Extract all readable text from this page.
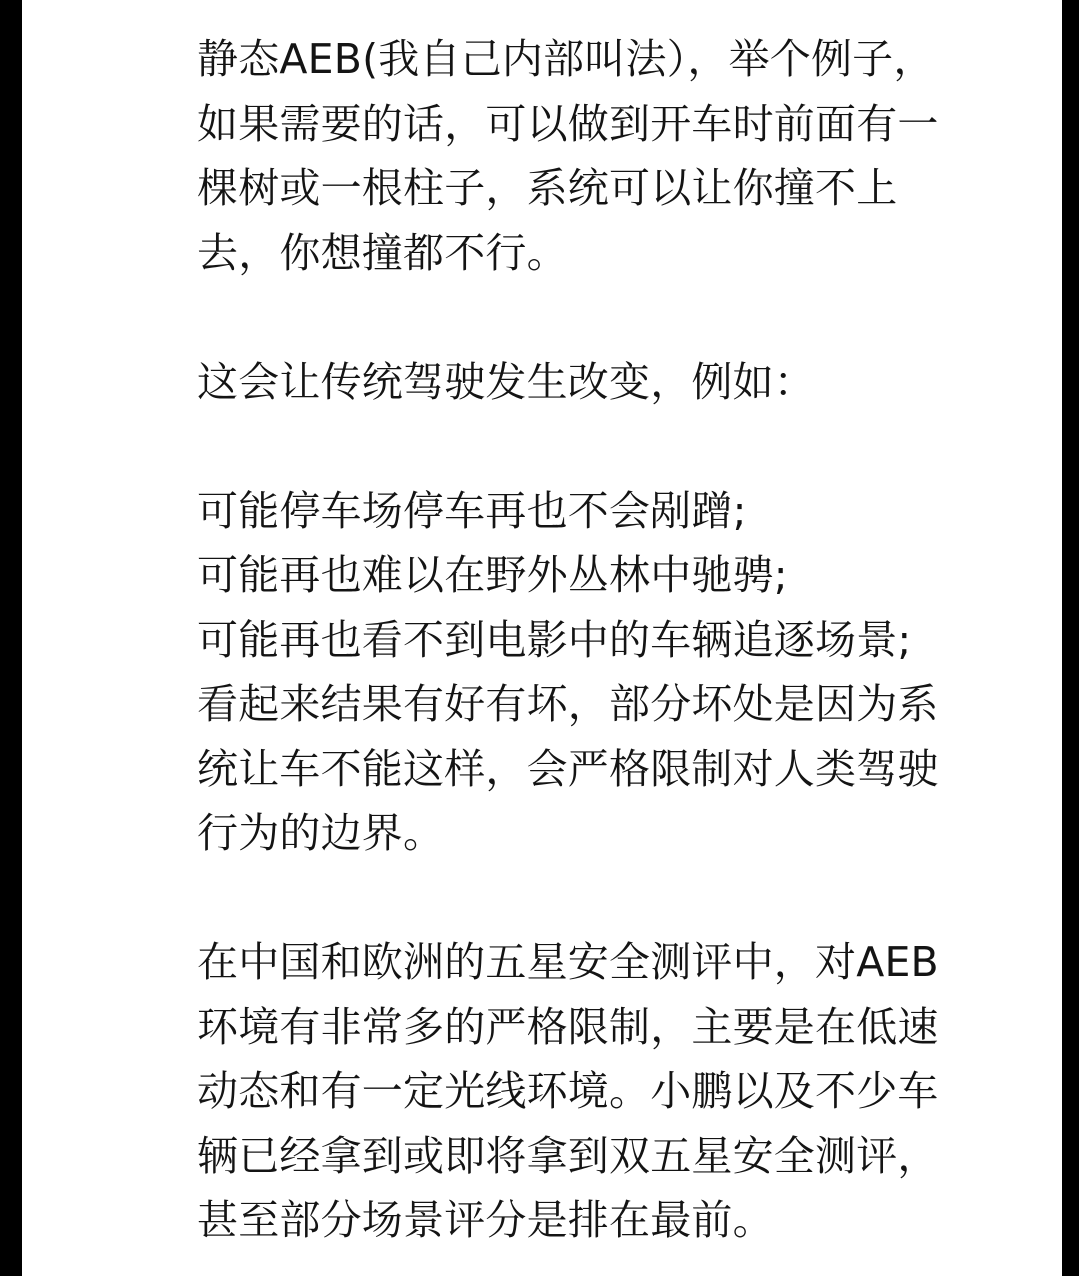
静态AEB(我自己内部叫法），举个例子，
如果需要的话，可以做到开车时前面有一
棵树或一根柱子，系统可以让你撞不上
去，你想撞都不行。
这会让传统驾驶发生改变，例如：
可能停车场停车再也不会剐蹭;
可能再也难以在野外丛林中驰骋;
可能再也看不到电影中的车辆追逐场景;
看起来结果有好有坏，部分坏处是因为系
统让车不能这样，会严格限制对人类驾驶
行为的边界。
在中国和欧洲的五星安全测评中，对AEB
环境有非常多的严格限制，主要是在低速
动态和有一定光线环境。小鹏以及不少车
辆已经拿到或即将拿到双五星安全测评，
甚至部分场景评分是排在最前。
